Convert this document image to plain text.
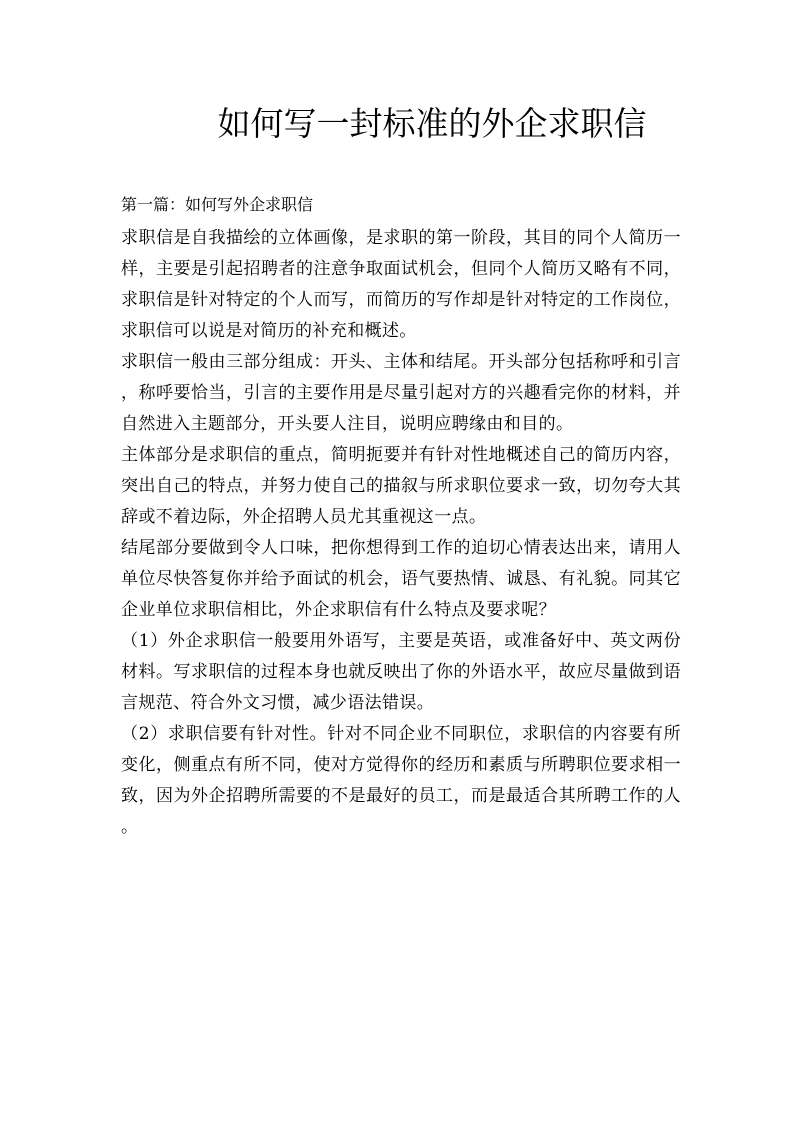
如何写一封标准的外企求职信

第一篇：如何写外企求职信

求职信是自我描绘的立体画像，是求职的第一阶段，其目的同个人简历一样，主要是引起招聘者的注意争取面试机会，但同个人简历又略有不同，求职信是针对特定的个人而写，而简历的写作却是针对特定的工作岗位，求职信可以说是对简历的补充和概述。

求职信一般由三部分组成：开头、主体和结尾。开头部分包括称呼和引言，称呼要恰当，引言的主要作用是尽量引起对方的兴趣看完你的材料，并自然进入主题部分，开头要人注目，说明应聘缘由和目的。

主体部分是求职信的重点，简明扼要并有针对性地概述自己的简历内容，突出自己的特点，并努力使自己的描叙与所求职位要求一致，切勿夸大其辞或不着边际，外企招聘人员尤其重视这一点。

结尾部分要做到令人口味，把你想得到工作的迫切心情表达出来，请用人单位尽快答复你并给予面试的机会，语气要热情、诚恳、有礼貌。同其它企业单位求职信相比，外企求职信有什么特点及要求呢？

（1）外企求职信一般要用外语写，主要是英语，或准备好中、英文两份材料。写求职信的过程本身也就反映出了你的外语水平，故应尽量做到语言规范、符合外文习惯，减少语法错误。

（2）求职信要有针对性。针对不同企业不同职位，求职信的内容要有所变化，侧重点有所不同，使对方觉得你的经历和素质与所聘职位要求相一致，因为外企招聘所需要的不是最好的员工，而是最适合其所聘工作的人。
